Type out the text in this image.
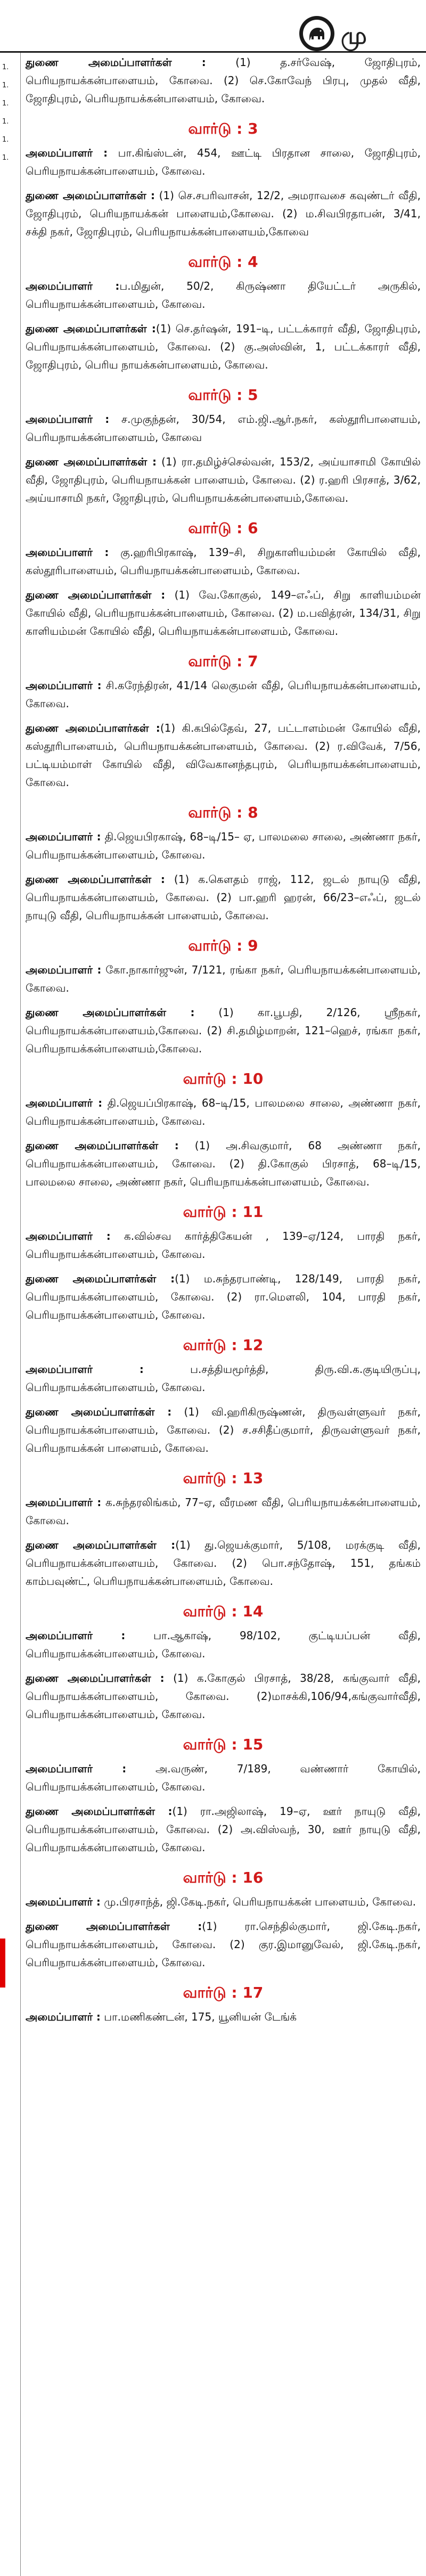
மு
1.
1.
1.
1.
1.
1.

துணை அமைப்பாளர்கள் : (1) த.சர்வேஷ், ஜோதிபுரம், பெரியநாயக்கன்பாளையம், கோவை. (2) செ.கோவேந் பிரபு, முதல் வீதி, ஜோதிபுரம், பெரியநாயக்கன்பாளையம், கோவை.

வார்டு : 3

அமைப்பாளர் : பா.கிங்ஸ்டன், 454, ஊட்டி பிரதான சாலை, ஜோதிபுரம், பெரியநாயக்கன்பாளையம், கோவை.

துணை அமைப்பாளர்கள் : (1) செ.சபரிவாசன், 12/2, அமராவசை கவுண்டர் வீதி, ஜோதிபுரம், பெரியநாயக்கன் பாளையம்,கோவை. (2) ம.சிவபிரதாபன், 3/41, சக்தி நகர், ஜோதிபுரம், பெரியநாயக்கன்பாளையம்,கோவை

வார்டு : 4

அமைப்பாளர் :ப.மிதுன், 50/2, கிருஷ்ணா தியேட்டர் அருகில், பெரியநாயக்கன்பாளையம், கோவை.

துணை அமைப்பாளர்கள் :(1) செ.தர்ஷன், 191–டி, பட்டக்காரர் வீதி, ஜோதிபுரம், பெரியநாயக்கன்பாளையம், கோவை. (2) கு.அஸ்வின், 1, பட்டக்காரர் வீதி, ஜோதிபுரம், பெரிய நாயக்கன்பாளையம், கோவை.

வார்டு : 5

அமைப்பாளர் : ச.முகுந்தன், 30/54, எம்.ஜி.ஆர்.நகர், கஸ்தூரிபாளையம், பெரியநாயக்கன்பாளையம், கோவை

துணை அமைப்பாளர்கள் : (1) ரா.தமிழ்ச்செல்வன், 153/2, அய்யாசாமி கோயில் வீதி, ஜோதிபுரம், பெரியநாயக்கன் பாளையம், கோவை. (2) ர.ஹரி பிரசாத், 3/62, அய்யாசாமி நகர், ஜோதிபுரம், பெரியநாயக்கன்பாளையம்,கோவை.

வார்டு : 6

அமைப்பாளர் : கு.ஹரிபிரகாஷ், 139–சி, சிறுகாளியம்மன் கோயில் வீதி, கஸ்தூரிபாளையம், பெரியநாயக்கன்பாளையம், கோவை.

துணை அமைப்பாளர்கள் : (1) வே.கோகுல், 149–எஃப், சிறு காளியம்மன் கோயில் வீதி, பெரியநாயக்கன்பாளையம், கோவை. (2) ம.பவித்ரன், 134/31, சிறு காளியம்மன் கோயில் வீதி, பெரியநாயக்கன்பாளையம், கோவை.

வார்டு : 7

அமைப்பாளர் : சி.கரேந்திரன், 41/14 லெகுமன் வீதி, பெரியநாயக்கன்பாளையம், கோவை.

துணை அமைப்பாளர்கள் :(1) கி.கபில்தேவ், 27, பட்டாளம்மன் கோயில் வீதி, கஸ்தூரிபாளையம், பெரியநாயக்கன்பாளையம், கோவை. (2) ர.விவேக், 7/56, பட்டியம்மாள் கோயில் வீதி, விவேகானந்தபுரம், பெரியநாயக்கன்பாளையம், கோவை.

வார்டு : 8

அமைப்பாளர் : தி.ஜெயபிரகாஷ், 68–டி/15– ஏ, பாலமலை சாலை, அண்ணா நகர், பெரியநாயக்கன்பாளையம், கோவை.

துணை அமைப்பாளர்கள் : (1) க.கௌதம் ராஜ், 112, ஜடல் நாயுடு வீதி, பெரியநாயக்கன்பாளையம், கோவை. (2) பா.ஹரி ஹரன், 66/23–எஃப், ஜடல் நாயுடு வீதி, பெரியநாயக்கன் பாளையம், கோவை.

வார்டு : 9

அமைப்பாளர் : கோ.நாகார்ஜுன், 7/121, ரங்கா நகர், பெரியநாயக்கன்பாளையம், கோவை.

துணை அமைப்பாளர்கள் : (1) கா.பூபதி, 2/126, ஸ்ரீநகர், பெரியநாயக்கன்பாளையம்,கோவை. (2) சி.தமிழ்மாறன், 121–ஹெச், ரங்கா நகர், பெரியநாயக்கன்பாளையம்,கோவை.

வார்டு : 10

அமைப்பாளர் : தி.ஜெயப்பிரகாஷ், 68–டி/15, பாலமலை சாலை, அண்ணா நகர், பெரியநாயக்கன்பாளையம், கோவை.

துணை அமைப்பாளர்கள் : (1) அ.சிவகுமார், 68 அண்ணா நகர், பெரியநாயக்கன்பாளையம், கோவை. (2) தி.கோகுல் பிரசாத், 68–டி/15, பாலமலை சாலை, அண்ணா நகர், பெரியநாயக்கன்பாளையம், கோவை.

வார்டு : 11

அமைப்பாளர் : க.வில்சவ கார்த்திகேயன் , 139–ஏ/124, பாரதி நகர், பெரியநாயக்கன்பாளையம், கோவை.

துணை அமைப்பாளர்கள் :(1) ம.சுந்தரபாண்டி, 128/149, பாரதி நகர், பெரியநாயக்கன்பாளையம், கோவை. (2) ரா.மௌலி, 104, பாரதி நகர், பெரியநாயக்கன்பாளையம், கோவை.

வார்டு : 12

அமைப்பாளர் : ப.சத்தியமூர்த்தி, திரு.வி.க.குடியிருப்பு, பெரியநாயக்கன்பாளையம், கோவை.

துணை அமைப்பாளர்கள் : (1) வி.ஹரிகிருஷ்ணன், திருவள்ளுவர் நகர், பெரியநாயக்கன்பாளையம், கோவை. (2) ச.சசிதீப்குமார், திருவள்ளுவர் நகர், பெரியநாயக்கன் பாளையம், கோவை.

வார்டு : 13

அமைப்பாளர் : க.சுந்தரலிங்கம், 77–ஏ, வீரமண வீதி, பெரியநாயக்கன்பாளையம், கோவை.

துணை அமைப்பாளர்கள் :(1) து.ஜெயக்குமார், 5/108, மரக்குடி வீதி, பெரியநாயக்கன்பாளையம், கோவை. (2) பொ.சந்தோஷ், 151, தங்கம் காம்பவுண்ட், பெரியநாயக்கன்பாளையம், கோவை.

வார்டு : 14

அமைப்பாளர் : பா.ஆகாஷ், 98/102, குட்டியப்பன் வீதி, பெரியநாயக்கன்பாளையம், கோவை.

துணை அமைப்பாளர்கள் : (1) க.கோகுல் பிரசாத், 38/28, கங்குவார் வீதி, பெரியநாயக்கன்பாளையம், கோவை. (2)மாசக்கி,106/94,கங்குவார்வீதி, பெரியநாயக்கன்பாளையம், கோவை.

வார்டு : 15

அமைப்பாளர் : அ.வருண், 7/189, வண்ணார் கோயில், பெரியநாயக்கன்பாளையம், கோவை.

துணை அமைப்பாளர்கள் :(1) ரா.அஜிலாஷ், 19–ஏ, ஊர் நாயுடு வீதி, பெரியநாயக்கன்பாளையம், கோவை. (2) அ.விஸ்வந், 30, ஊர் நாயுடு வீதி, பெரியநாயக்கன்பாளையம், கோவை.

வார்டு : 16

அமைப்பாளர் : மு.பிரசாந்த், ஜி.கேடி.நகர், பெரியநாயக்கன் பாளையம், கோவை.

துணை அமைப்பாளர்கள் :(1) ரா.செந்தில்குமார், ஜி.கேடி.நகர், பெரியநாயக்கன்பாளையம், கோவை. (2) குர.இமானுவேல், ஜி.கேடி.நகர், பெரியநாயக்கன்பாளையம், கோவை.

வார்டு : 17

அமைப்பாளர் : பா.மணிகண்டன், 175, யூனியன் டேங்க்
